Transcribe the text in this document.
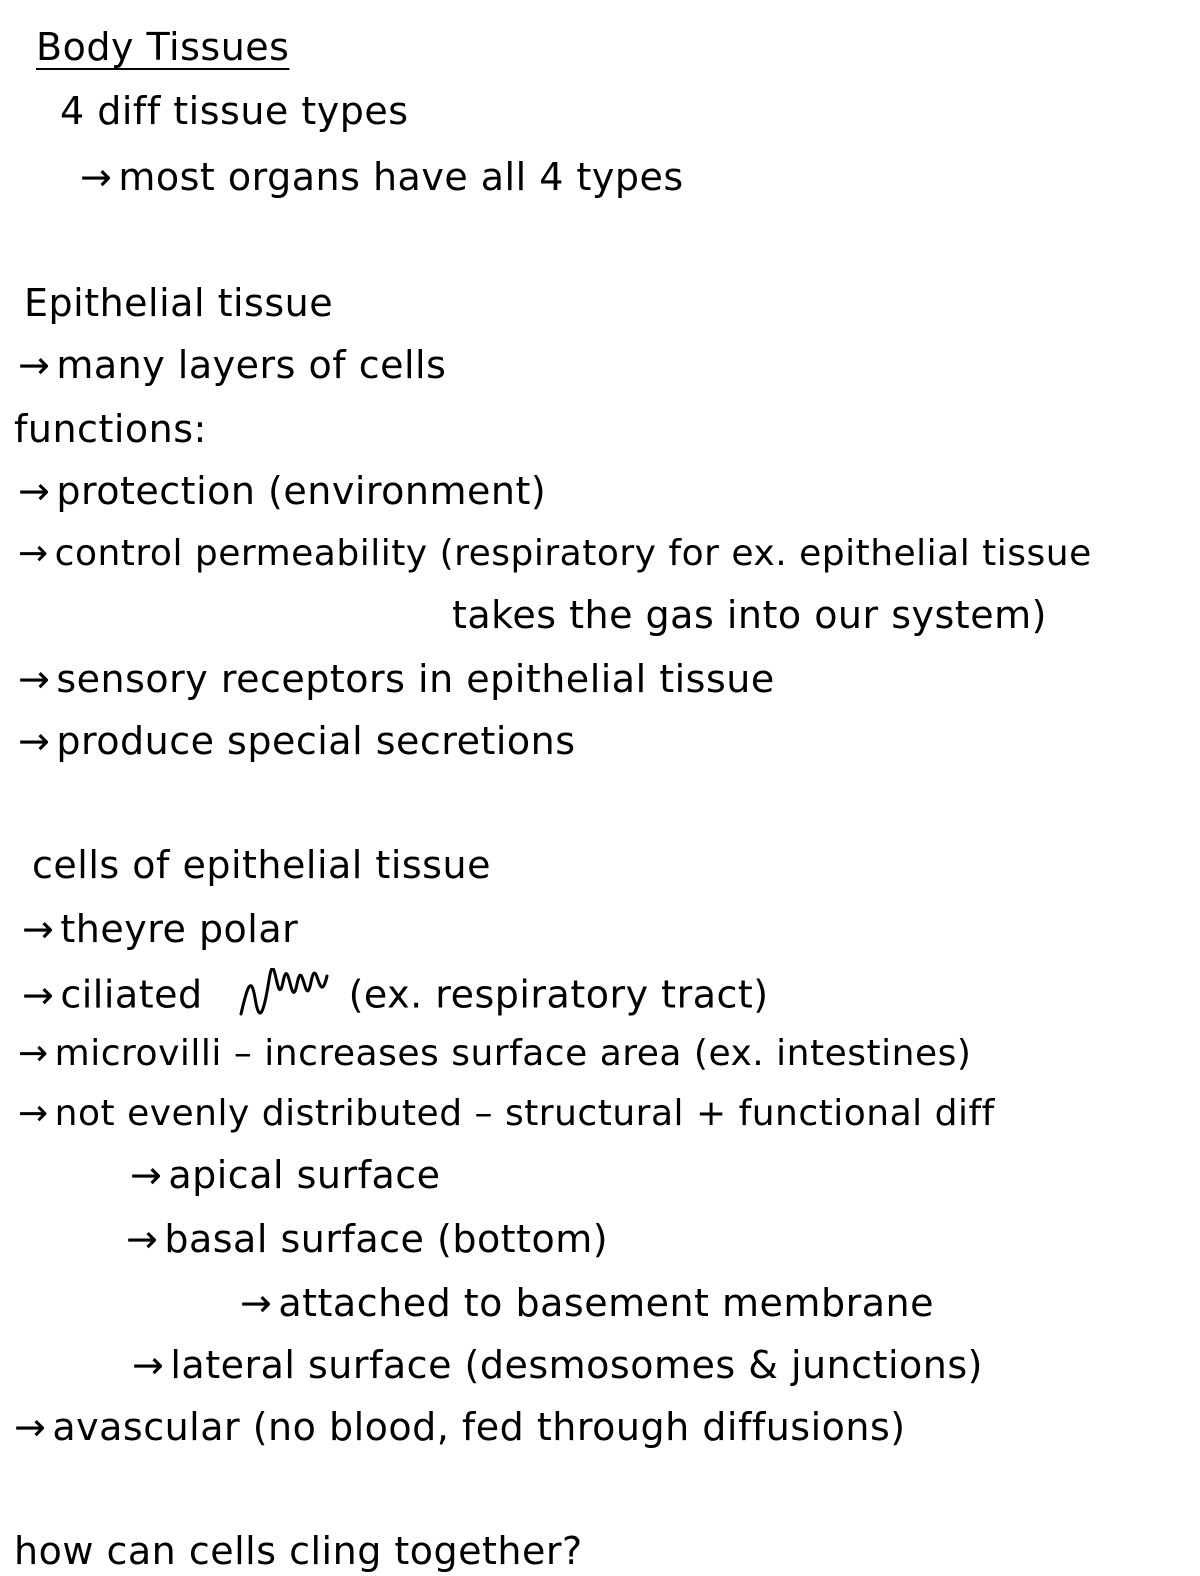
Body Tissues
4 diff tissue types
→ most organs have all 4 types
Epithelial tissue
→ many layers of cells
functions:
→ protection (environment)
→ control permeability (respiratory for ex. epithelial tissue
takes the gas into our system)
→ sensory receptors in epithelial tissue
→ produce special secretions
cells of epithelial tissue
→ theyre polar
→ ciliated	(ex. respiratory tract)
→ microvilli – increases surface area (ex. intestines)
→ not evenly distributed – structural + functional diff
→ apical surface
→ basal surface (bottom)
→ attached to basement membrane
→ lateral surface (desmosomes & junctions)
→ avascular (no blood, fed through diffusions)
how can cells cling together?
